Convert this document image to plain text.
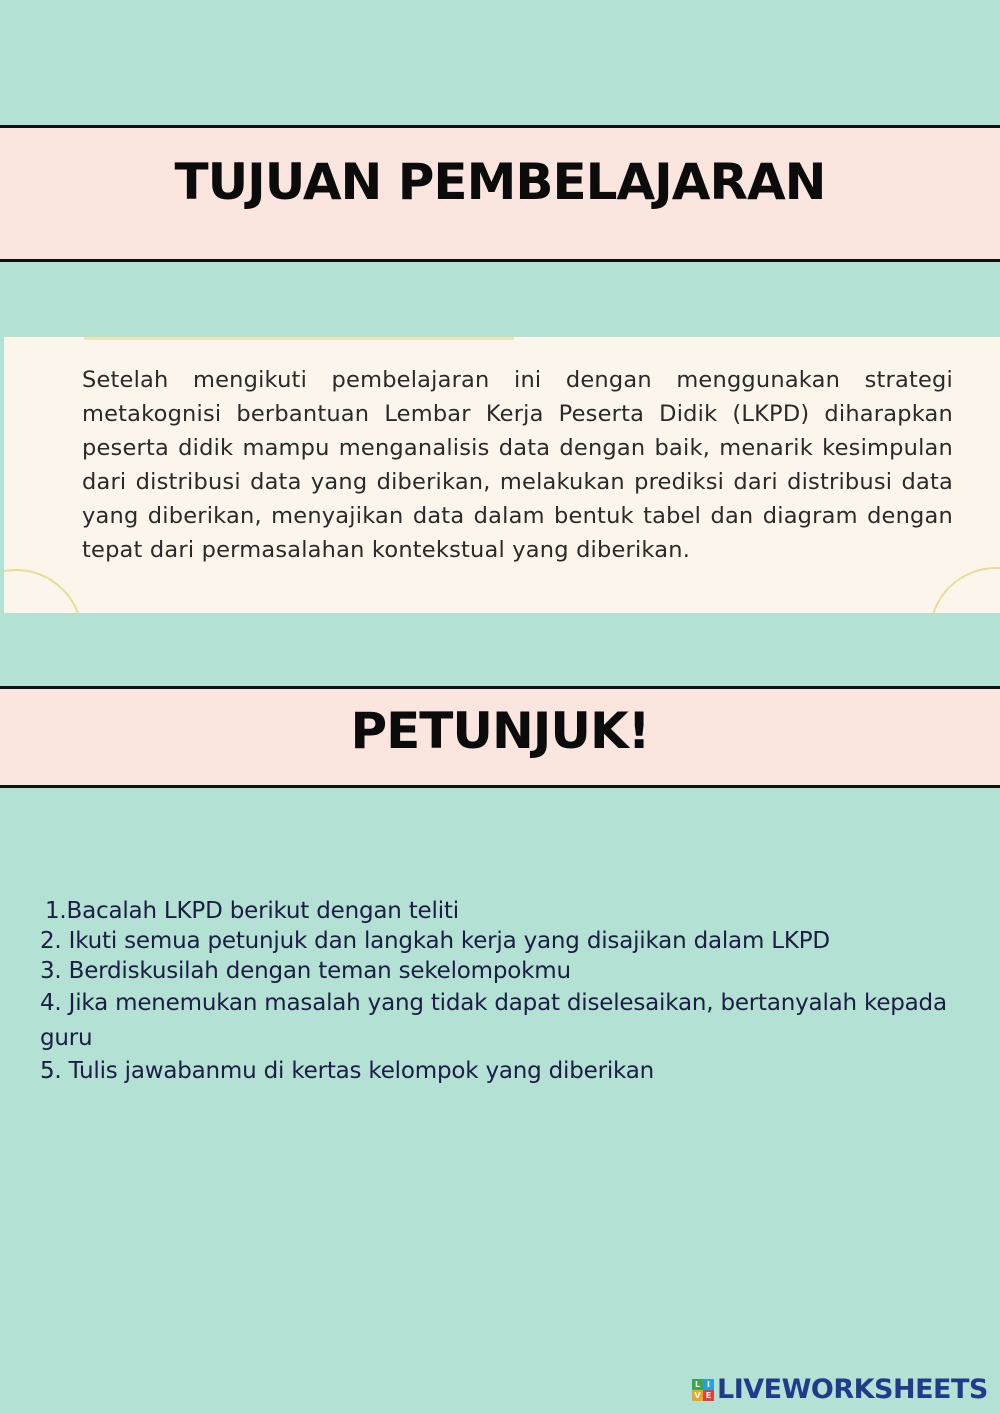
TUJUAN PEMBELAJARAN
Setelah mengikuti pembelajaran ini dengan menggunakan strategi metakognisi berbantuan Lembar Kerja Peserta Didik (LKPD) diharapkan peserta didik mampu menganalisis data dengan baik, menarik kesimpulan dari distribusi data yang diberikan, melakukan prediksi dari distribusi data yang diberikan, menyajikan data dalam bentuk tabel dan diagram dengan tepat dari permasalahan kontekstual yang diberikan.
PETUNJUK!
1.Bacalah LKPD berikut dengan teliti
2. Ikuti semua petunjuk dan langkah kerja yang disajikan dalam LKPD
3. Berdiskusilah dengan teman sekelompokmu
4. Jika menemukan masalah yang tidak dapat diselesaikan, bertanyalah kepada guru
5. Tulis jawabanmu di kertas kelompok yang diberikan
L I
V E LIVEWORKSHEETS
